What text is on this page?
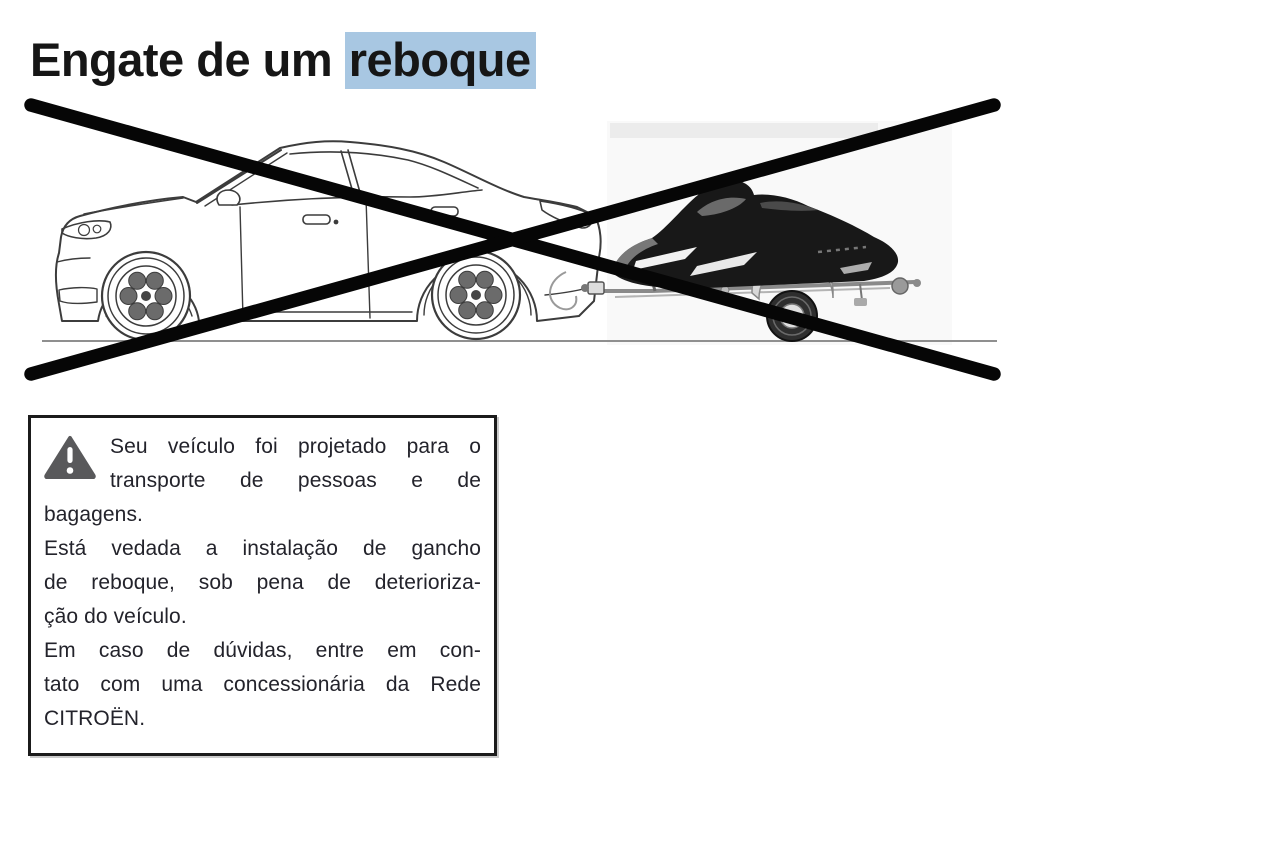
Engate de um reboque
Seu veículo foi projetado para o
transporte de pessoas e de
bagagens.
Está vedada a instalação de gancho
de reboque, sob pena de deterioriza-
ção do veículo.
Em caso de dúvidas, entre em con-
tato com uma concessionária da Rede
CITROËN.
